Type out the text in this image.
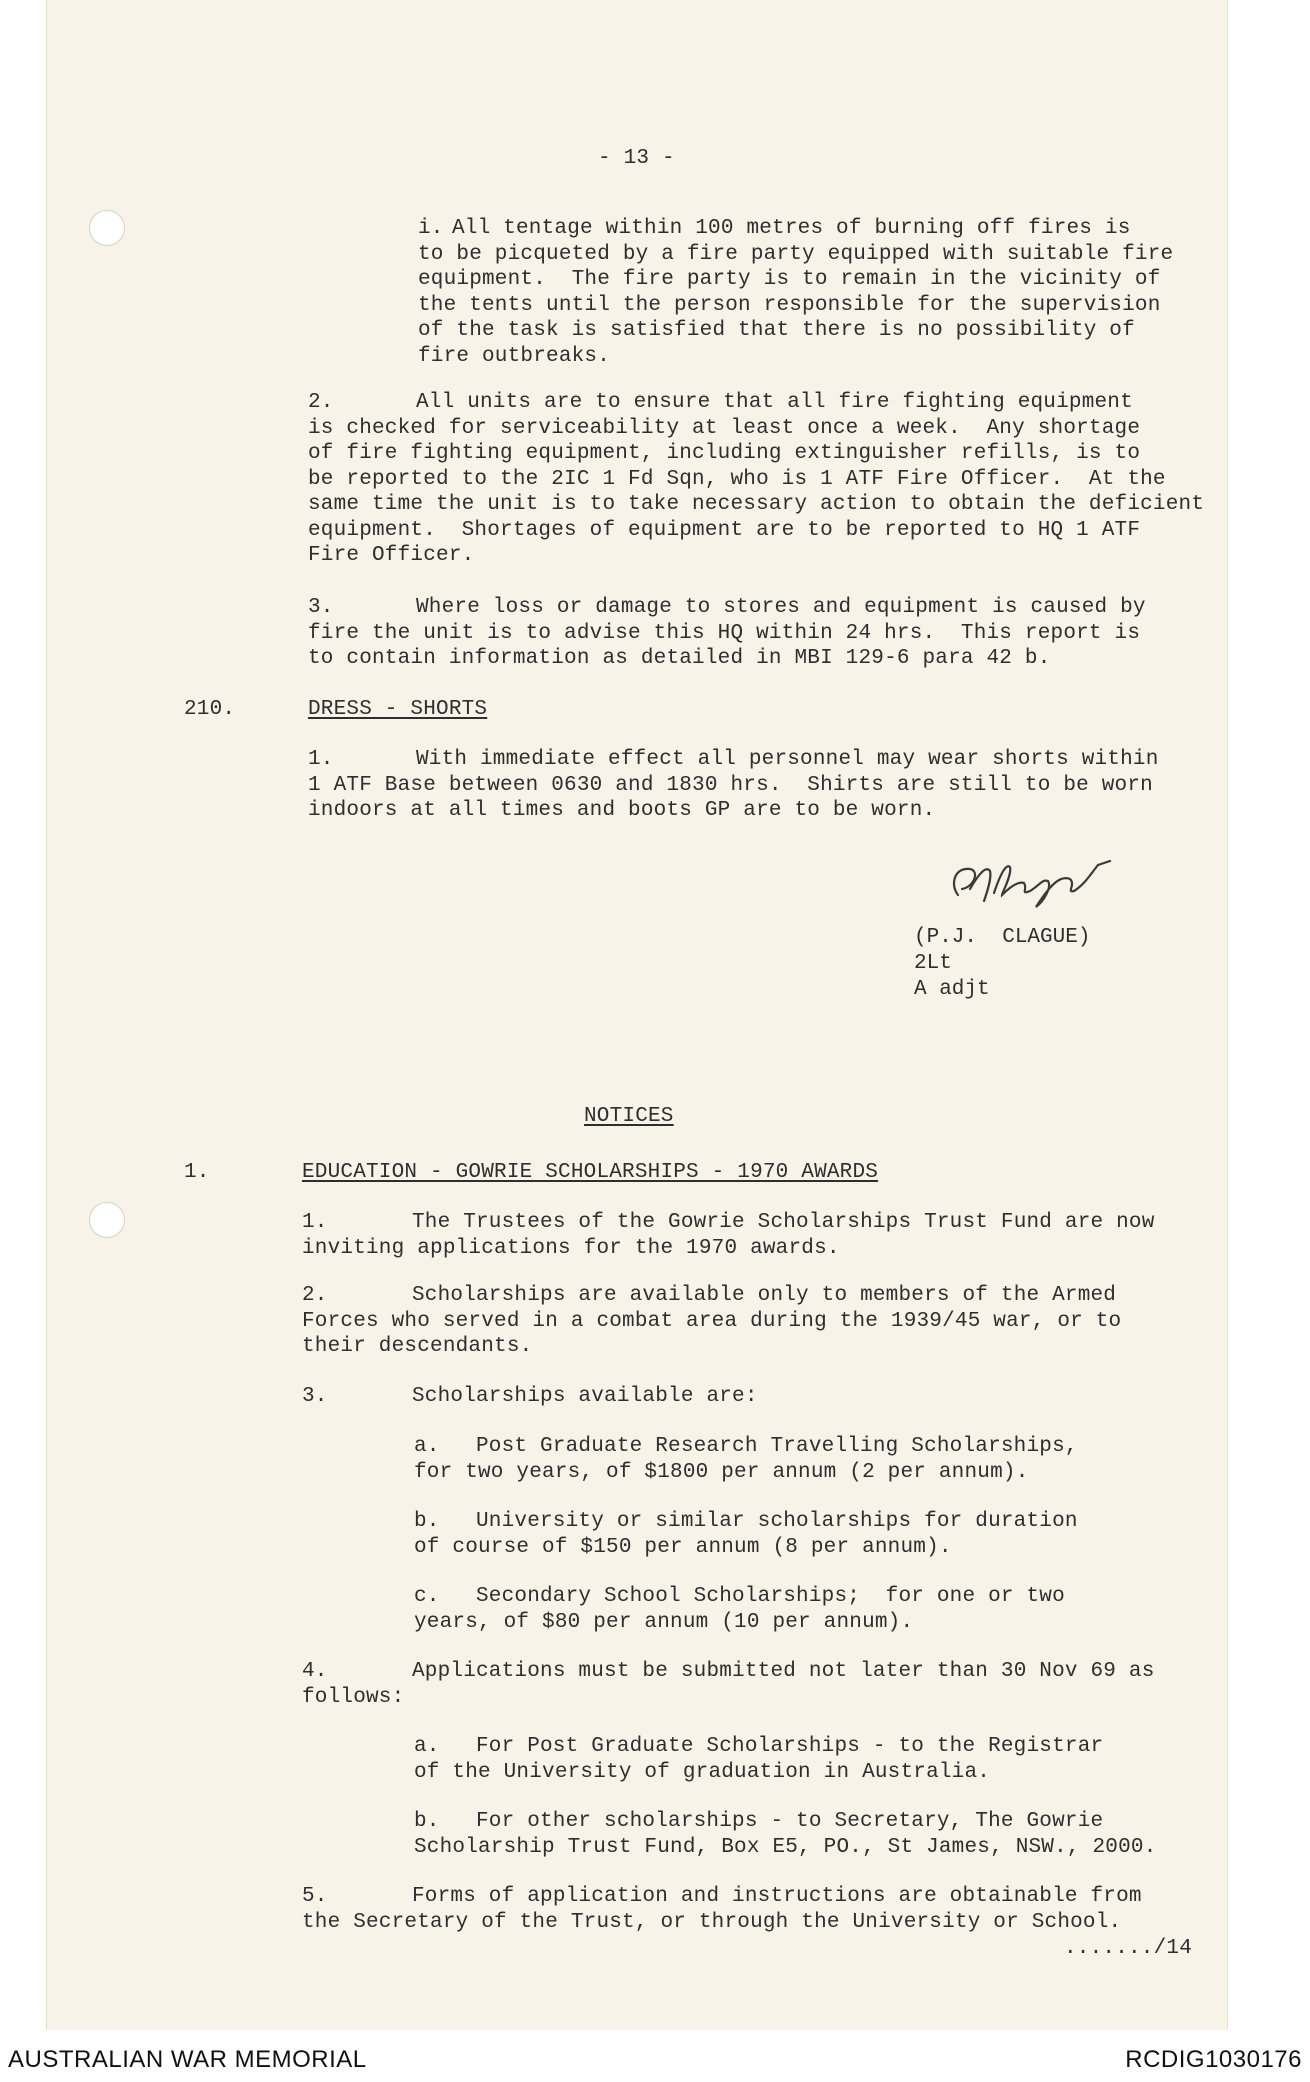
- 13 -
i. All tentage within 100 metres of burning off fires is
to be picqueted by a fire party equipped with suitable fire
equipment.  The fire party is to remain in the vicinity of
the tents until the person responsible for the supervision
of the task is satisfied that there is no possibility of
fire outbreaks.
2.	All units are to ensure that all fire fighting equipment
is checked for serviceability at least once a week.  Any shortage
of fire fighting equipment, including extinguisher refills, is to
be reported to the 2IC 1 Fd Sqn, who is 1 ATF Fire Officer.  At the
same time the unit is to take necessary action to obtain the deficient
equipment.  Shortages of equipment are to be reported to HQ 1 ATF
Fire Officer.
3.	Where loss or damage to stores and equipment is caused by
fire the unit is to advise this HQ within 24 hrs.  This report is
to contain information as detailed in MBI 129-6 para 42 b.
210.	DRESS - SHORTS
1.	With immediate effect all personnel may wear shorts within
1 ATF Base between 0630 and 1830 hrs.  Shirts are still to be worn
indoors at all times and boots GP are to be worn.
(P.J.  CLAGUE)
2Lt
A adjt
NOTICES
1.	EDUCATION - GOWRIE SCHOLARSHIPS - 1970 AWARDS
1.	The Trustees of the Gowrie Scholarships Trust Fund are now
inviting applications for the 1970 awards.
2.	Scholarships are available only to members of the Armed
Forces who served in a combat area during the 1939/45 war, or to
their descendants.
3.	Scholarships available are:
a.	Post Graduate Research Travelling Scholarships,
for two years, of $1800 per annum (2 per annum).
b.	University or similar scholarships for duration
of course of $150 per annum (8 per annum).
c.	Secondary School Scholarships;  for one or two
years, of $80 per annum (10 per annum).
4.	Applications must be submitted not later than 30 Nov 69 as
follows:
a.	For Post Graduate Scholarships - to the Registrar
of the University of graduation in Australia.
b.	For other scholarships - to Secretary, The Gowrie
Scholarship Trust Fund, Box E5, PO., St James, NSW., 2000.
5.	Forms of application and instructions are obtainable from
the Secretary of the Trust, or through the University or School.
......./14
AUSTRALIAN WAR MEMORIAL	RCDIG1030176
